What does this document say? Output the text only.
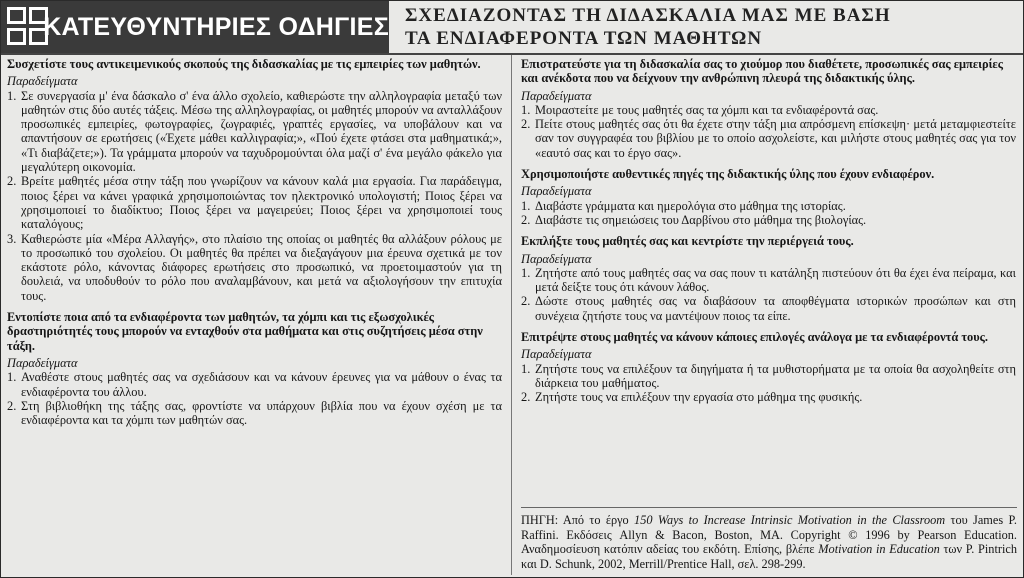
ΚΑΤΕΥΘΥΝΤΗΡΙΕΣ ΟΔΗΓΙΕΣ ΣΧΕΔΙΑΖΟΝΤΑΣ ΤΗ ΔΙΔΑΣΚΑΛΙΑ ΜΑΣ ΜΕ ΒΑΣΗ
ΤΑ ΕΝΔΙΑΦΕΡΟΝΤΑ ΤΩΝ ΜΑΘΗΤΩΝ
Συσχετίστε τους αντικειμενικούς σκοπούς της διδασκαλίας με τις εμπειρίες των μαθητών.
Παραδείγματα
1. Σε συνεργασία μ' ένα δάσκαλο σ' ένα άλλο σχολείο, καθιερώστε την αλληλογραφία μεταξύ των μαθητών στις δύο αυτές τάξεις. Μέσω της αλληλογραφίας, οι μαθητές μπορούν να ανταλλάξουν προσωπικές εμπειρίες, φωτογραφίες, ζωγραφιές, γραπτές εργασίες, να υποβάλουν και να απαντήσουν σε ερωτήσεις («Έχετε μάθει καλλιγραφία;», «Πού έχετε φτάσει στα μαθηματικά;», «Τι διαβάζετε;»). Τα γράμματα μπορούν να ταχυδρομούνται όλα μαζί σ' ένα μεγάλο φάκελο για μεγαλύτερη οικονομία.
2. Βρείτε μαθητές μέσα στην τάξη που γνωρίζουν να κάνουν καλά μια εργασία. Για παράδειγμα, ποιος ξέρει να κάνει γραφικά χρησιμοποιώντας τον ηλεκτρονικό υπολογιστή; Ποιος ξέρει να χρησιμοποιεί το διαδίκτυο; Ποιος ξέρει να μαγειρεύει; Ποιος ξέρει να χρησιμοποιεί τους καταλόγους;
3. Καθιερώστε μία «Μέρα Αλλαγής», στο πλαίσιο της οποίας οι μαθητές θα αλλάξουν ρόλους με το προσωπικό του σχολείου. Οι μαθητές θα πρέπει να διεξαγάγουν μια έρευνα σχετικά με τον εκάστοτε ρόλο, κάνοντας διάφορες ερωτήσεις στο προσωπικό, να προετοιμαστούν για τη δουλειά, να υποδυθούν το ρόλο που αναλαμβάνουν, και μετά να αξιολογήσουν την επιτυχία τους.
Εντοπίστε ποια από τα ενδιαφέροντα των μαθητών, τα χόμπι και τις εξωσχολικές δραστηριότητές τους μπορούν να ενταχθούν στα μαθήματα και στις συζητήσεις μέσα στην τάξη.
Παραδείγματα
1. Αναθέστε στους μαθητές σας να σχεδιάσουν και να κάνουν έρευνες για να μάθουν ο ένας τα ενδιαφέροντα του άλλου.
2. Στη βιβλιοθήκη της τάξης σας, φροντίστε να υπάρχουν βιβλία που να έχουν σχέση με τα ενδιαφέροντα και τα χόμπι των μαθητών σας.
Επιστρατεύστε για τη διδασκαλία σας το χιούμορ που διαθέτετε, προσωπικές σας εμπειρίες και ανέκδοτα που να δείχνουν την ανθρώπινη πλευρά της διδακτικής ύλης.
Παραδείγματα
1. Μοιραστείτε με τους μαθητές σας τα χόμπι και τα ενδιαφέροντά σας.
2. Πείτε στους μαθητές σας ότι θα έχετε στην τάξη μια απρόσμενη επίσκεψη· μετά μεταμφιεστείτε σαν τον συγγραφέα του βιβλίου με το οποίο ασχολείστε, και μιλήστε στους μαθητές σας για τον «εαυτό σας και το έργο σας».
Χρησιμοποιήστε αυθεντικές πηγές της διδακτικής ύλης που έχουν ενδιαφέρον.
Παραδείγματα
1. Διαβάστε γράμματα και ημερολόγια στο μάθημα της ιστορίας.
2. Διαβάστε τις σημειώσεις του Δαρβίνου στο μάθημα της βιολογίας.
Εκπλήξτε τους μαθητές σας και κεντρίστε την περιέργειά τους.
Παραδείγματα
1. Ζητήστε από τους μαθητές σας να σας πουν τι κατάληξη πιστεύουν ότι θα έχει ένα πείραμα, και μετά δείξτε τους ότι κάνουν λάθος.
2. Δώστε στους μαθητές σας να διαβάσουν τα αποφθέγματα ιστορικών προσώπων και στη συνέχεια ζητήστε τους να μαντέψουν ποιος τα είπε.
Επιτρέψτε στους μαθητές να κάνουν κάποιες επιλογές ανάλογα με τα ενδιαφέροντά τους.
Παραδείγματα
1. Ζητήστε τους να επιλέξουν τα διηγήματα ή τα μυθιστορήματα με τα οποία θα ασχοληθείτε στη διάρκεια του μαθήματος.
2. Ζητήστε τους να επιλέξουν την εργασία στο μάθημα της φυσικής.
ΠΗΓΗ: Από το έργο 150 Ways to Increase Intrinsic Motivation in the Classroom του James P. Raffini. Εκδόσεις Allyn & Bacon, Boston, MA. Copyright © 1996 by Pearson Education. Αναδημοσίευση κατόπιν αδείας του εκδότη. Επίσης, βλέπε Motivation in Education των P. Pintrich και D. Schunk, 2002, Merrill/Prentice Hall, σελ. 298-299.
